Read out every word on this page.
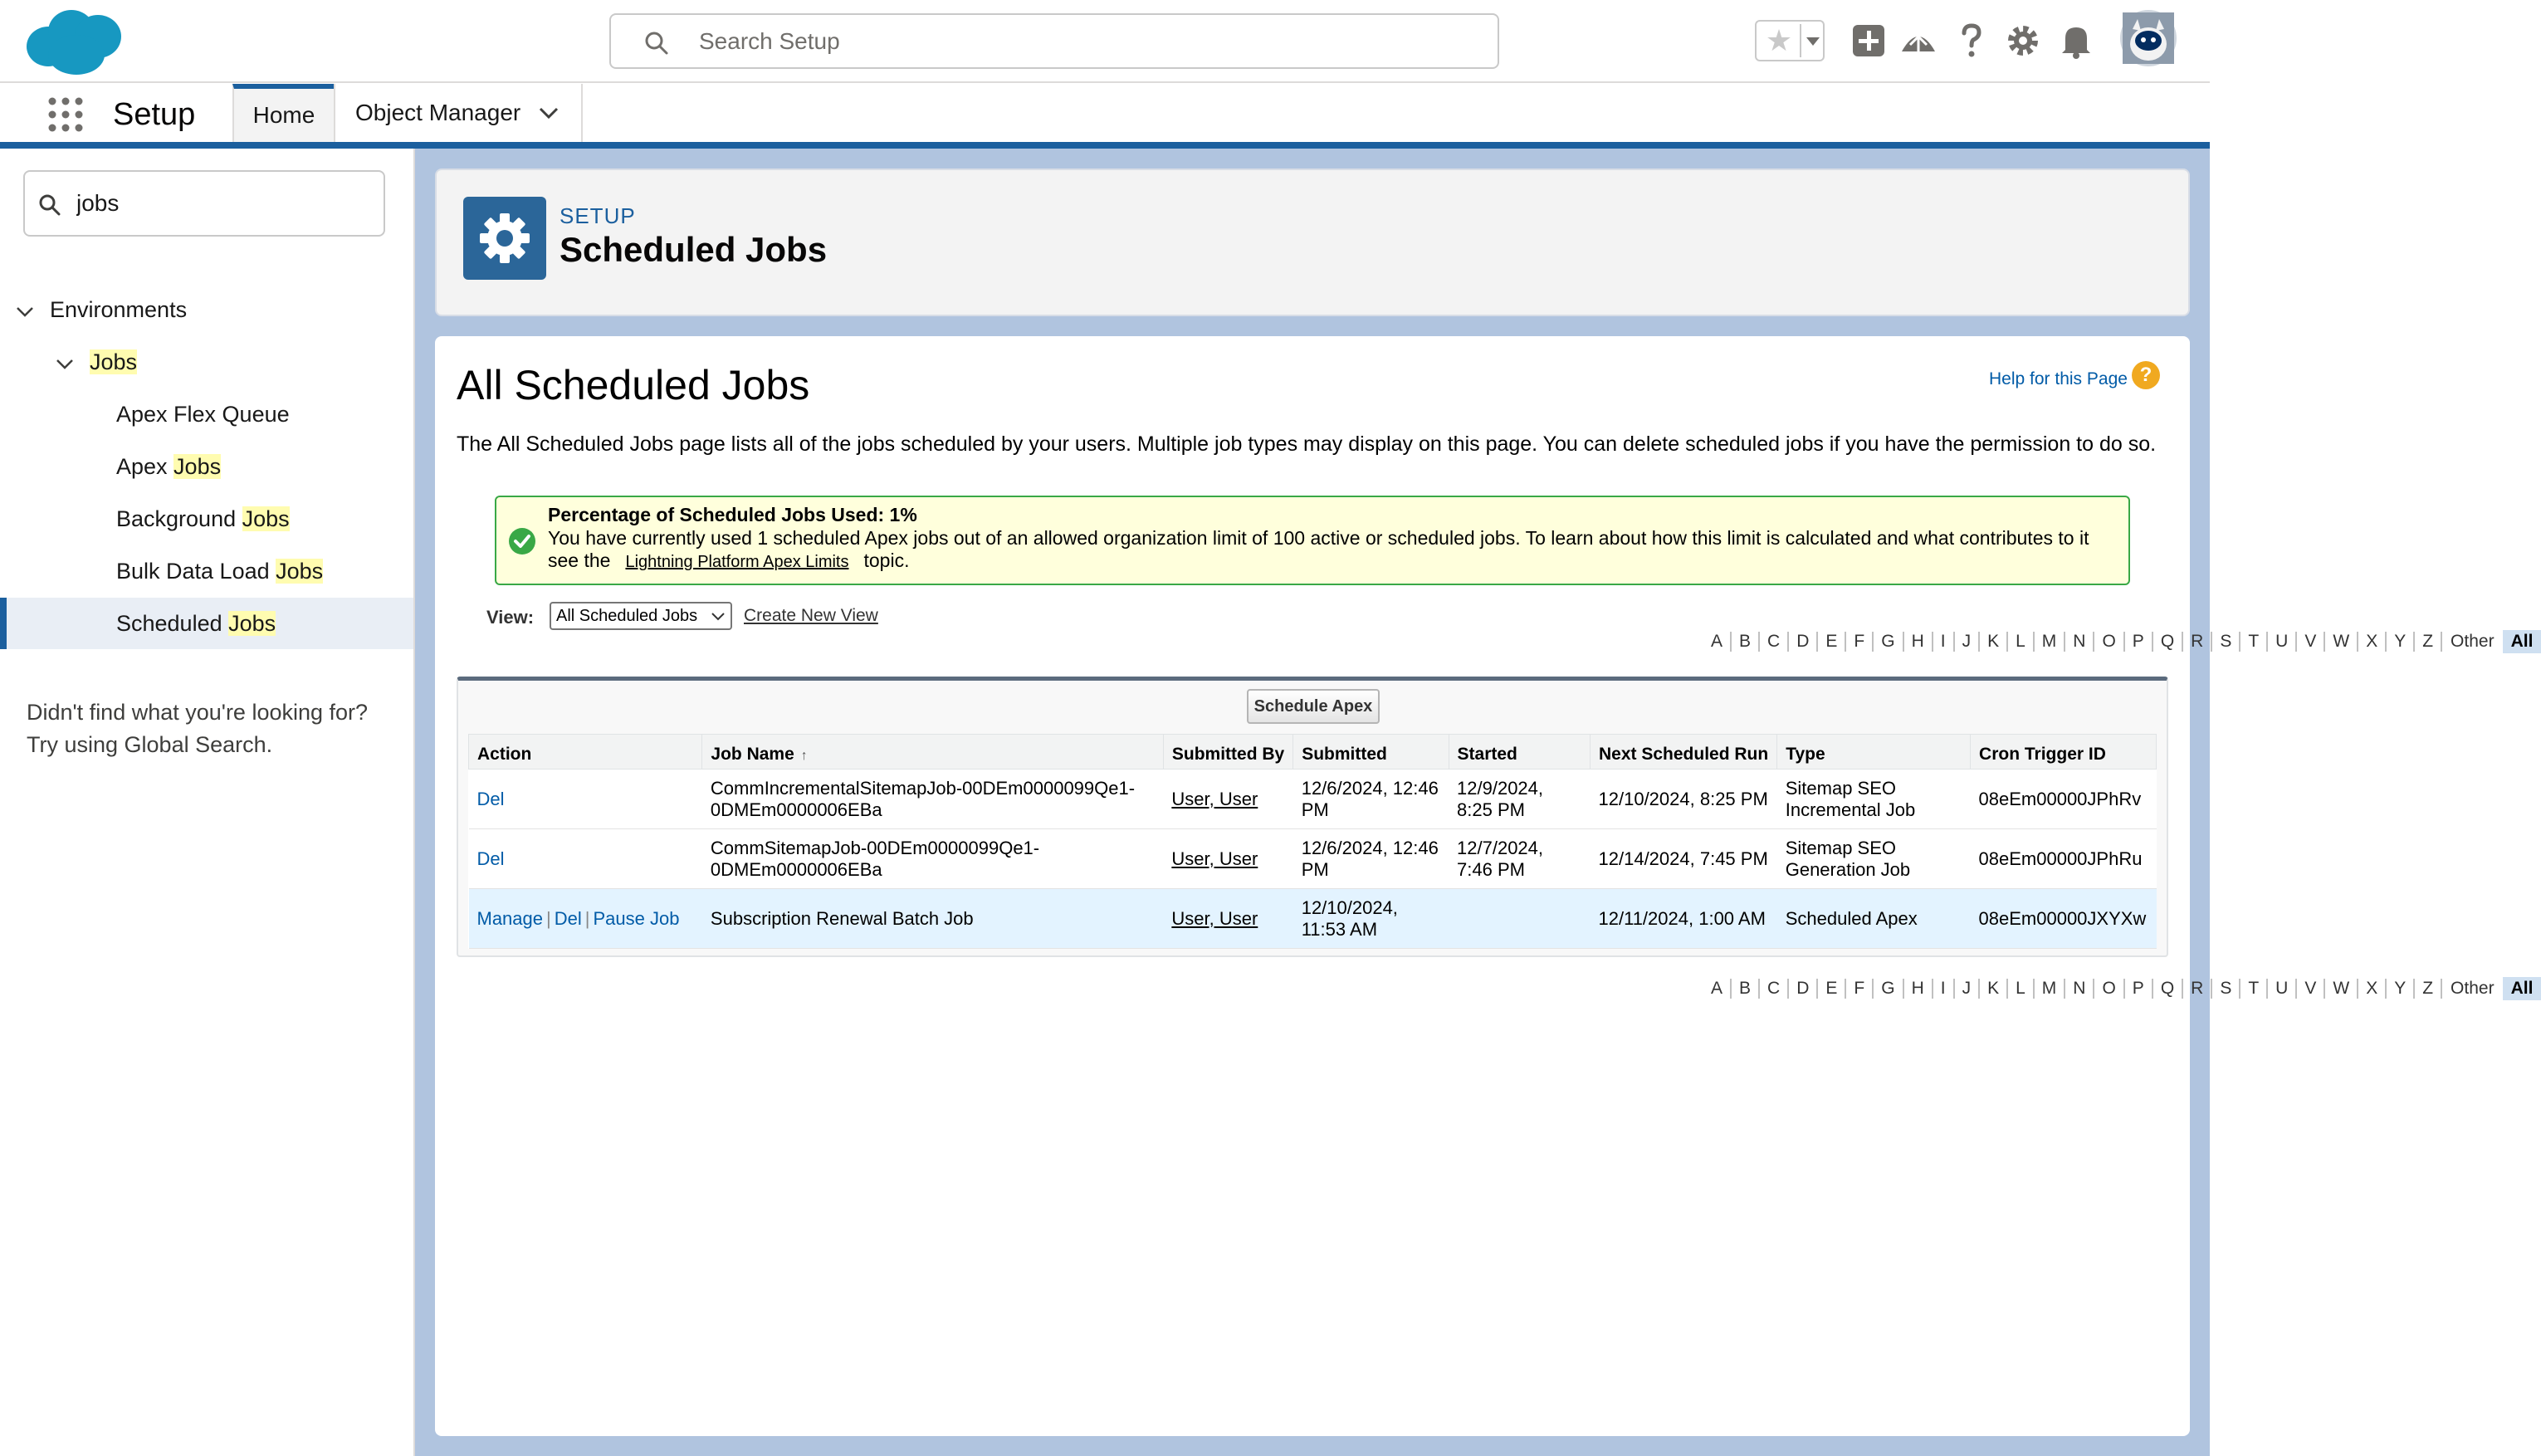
Search Setup	★
Setup	Home	Object Manager
jobs
Environments
Jobs
Apex Flex Queue
Apex Jobs
Background Jobs
Bulk Data Load Jobs
Scheduled Jobs
Didn't find what you're looking for?
Try using Global Search.
SETUP
Scheduled Jobs
All Scheduled Jobs	Help for this Page ?
The All Scheduled Jobs page lists all of the jobs scheduled by your users. Multiple job types may display on this page. You can delete scheduled jobs if you have the permission to do so.
Percentage of Scheduled Jobs Used: 1%
You have currently used 1 scheduled Apex jobs out of an allowed organization limit of 100 active or scheduled jobs. To learn about how this limit is calculated and what contributes to it see the Lightning Platform Apex Limits topic.
View:	All Scheduled Jobs	Create New View
A B C D E F G H I J K L M N O P Q R S T U V W X Y Z	Other All
Schedule Apex
Action	Job Name ↑	Submitted By	Submitted	Started	Next Scheduled Run	Type	Cron Trigger ID
Del	CommIncrementalSitemapJob-00DEm0000099Qe1-0DMEm0000006EBa	User, User	12/6/2024, 12:46 PM	12/9/2024, 8:25 PM	12/10/2024, 8:25 PM	Sitemap SEO Incremental Job	08eEm00000JPhRv
Del	CommSitemapJob-00DEm0000099Qe1-0DMEm0000006EBa	User, User	12/6/2024, 12:46 PM	12/7/2024, 7:46 PM	12/14/2024, 7:45 PM	Sitemap SEO Generation Job	08eEm00000JPhRu
Manage | Del | Pause Job	Subscription Renewal Batch Job	User, User	12/10/2024, 11:53 AM		12/11/2024, 1:00 AM	Scheduled Apex	08eEm00000JXYXw
A B C D E F G H I J K L M N O P Q R S T U V W X Y Z	Other All
